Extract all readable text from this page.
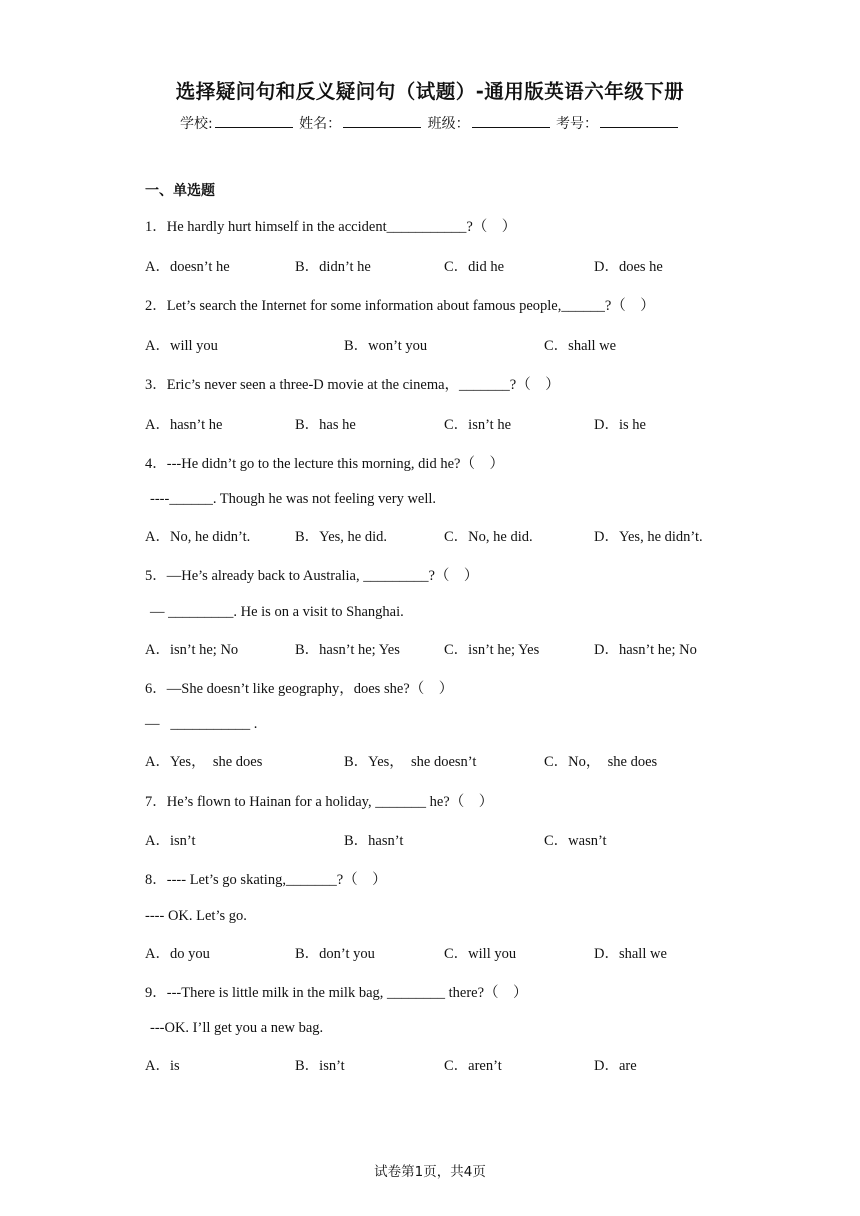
选择疑问句和反义疑问句（试题）-通用版英语六年级下册
学校:	姓名：	班级：	考号：
一、单选题
1．He hardly hurt himself in the accident___________?（　）
A．doesn’t he	B．didn’t he	C．did he	D．does he
2．Let’s search the Internet for some information about famous people,______?（　）
A．will you	B．won’t you	C．shall we
3．Eric’s never seen a three-D movie at the cinema，_______?（　）
A．hasn’t he	B．has he	C．isn’t he	D．is he
4．---He didn’t go to the lecture this morning, did he?（　）
----______. Though he was not feeling very well.
A．No, he didn’t.	B．Yes, he did.	C．No, he did.	D．Yes, he didn’t.
5．—He’s already back to Australia, _________?（　）
— _________. He is on a visit to Shanghai.
A．isn’t he; No	B．hasn’t he; Yes	C．isn’t he; Yes	D．hasn’t he; No
6．—She doesn’t like geography，does she?（　）
—   ___________ .
A．Yes，  she does	B．Yes，  she doesn’t	C．No，  she does
7．He’s flown to Hainan for a holiday, _______ he?（　）
A．isn’t	B．hasn’t	C．wasn’t
8．---- Let’s go skating,_______?（　）
---- OK. Let’s go.
A．do you	B．don’t you	C．will you	D．shall we
9．---There is little milk in the milk bag, ________ there?（　）
---OK. I’ll get you a new bag.
A．is	B．isn’t	C．aren’t	D．are
试卷第1页，共4页
